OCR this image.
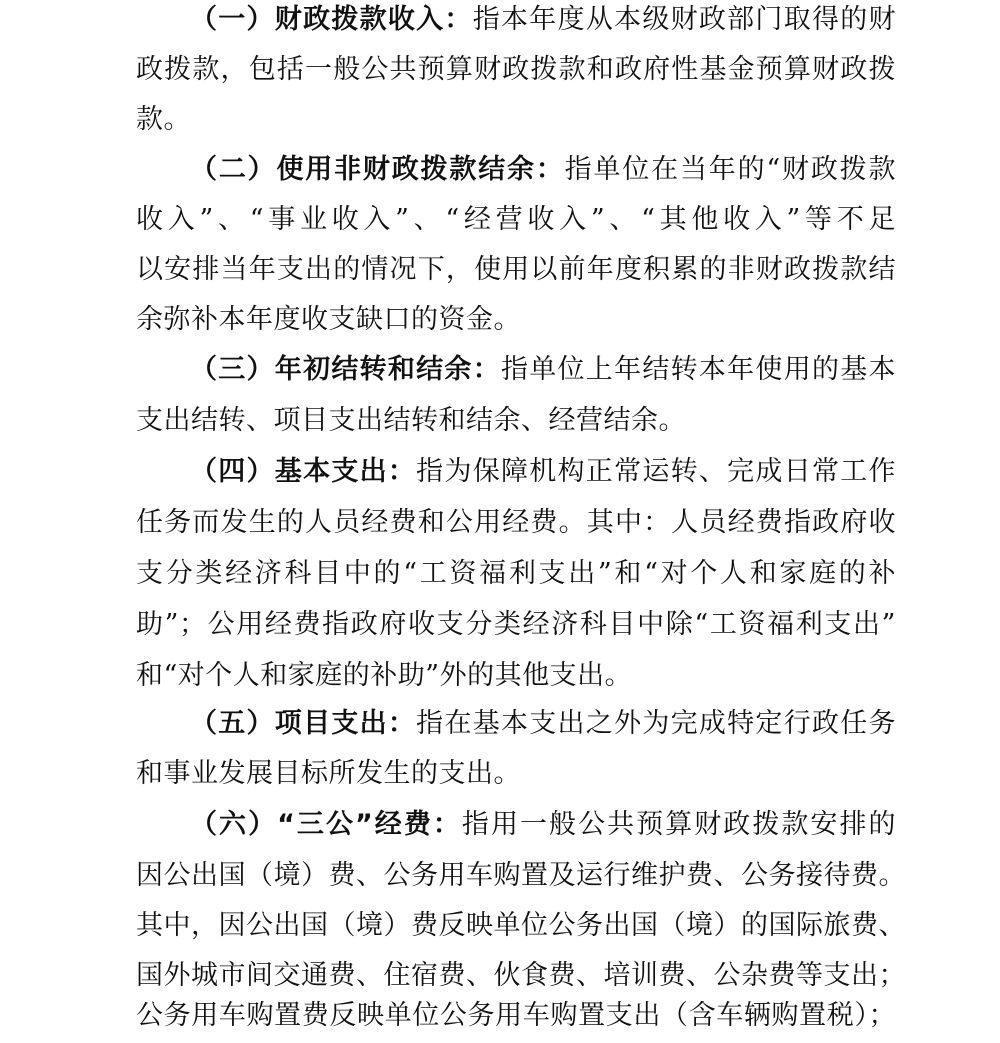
（一）财政拨款收入：指本年度从本级财政部门取得的财
政拨款，包括一般公共预算财政拨款和政府性基金预算财政拨
款。
（二）使用非财政拨款结余：指单位在当年的“财政拨款
收入”、“事业收入”、“经营收入”、“其他收入”等不足
以安排当年支出的情况下，使用以前年度积累的非财政拨款结
余弥补本年度收支缺口的资金。
（三）年初结转和结余：指单位上年结转本年使用的基本
支出结转、项目支出结转和结余、经营结余。
（四）基本支出：指为保障机构正常运转、完成日常工作
任务而发生的人员经费和公用经费。其中：人员经费指政府收
支分类经济科目中的“工资福利支出”和“对个人和家庭的补
助”；公用经费指政府收支分类经济科目中除“工资福利支出”
和“对个人和家庭的补助”外的其他支出。
（五）项目支出：指在基本支出之外为完成特定行政任务
和事业发展目标所发生的支出。
（六）“三公”经费：指用一般公共预算财政拨款安排的
因公出国（境）费、公务用车购置及运行维护费、公务接待费。
其中，因公出国（境）费反映单位公务出国（境）的国际旅费、
国外城市间交通费、住宿费、伙食费、培训费、公杂费等支出；
公务用车购置费反映单位公务用车购置支出（含车辆购置税）；
